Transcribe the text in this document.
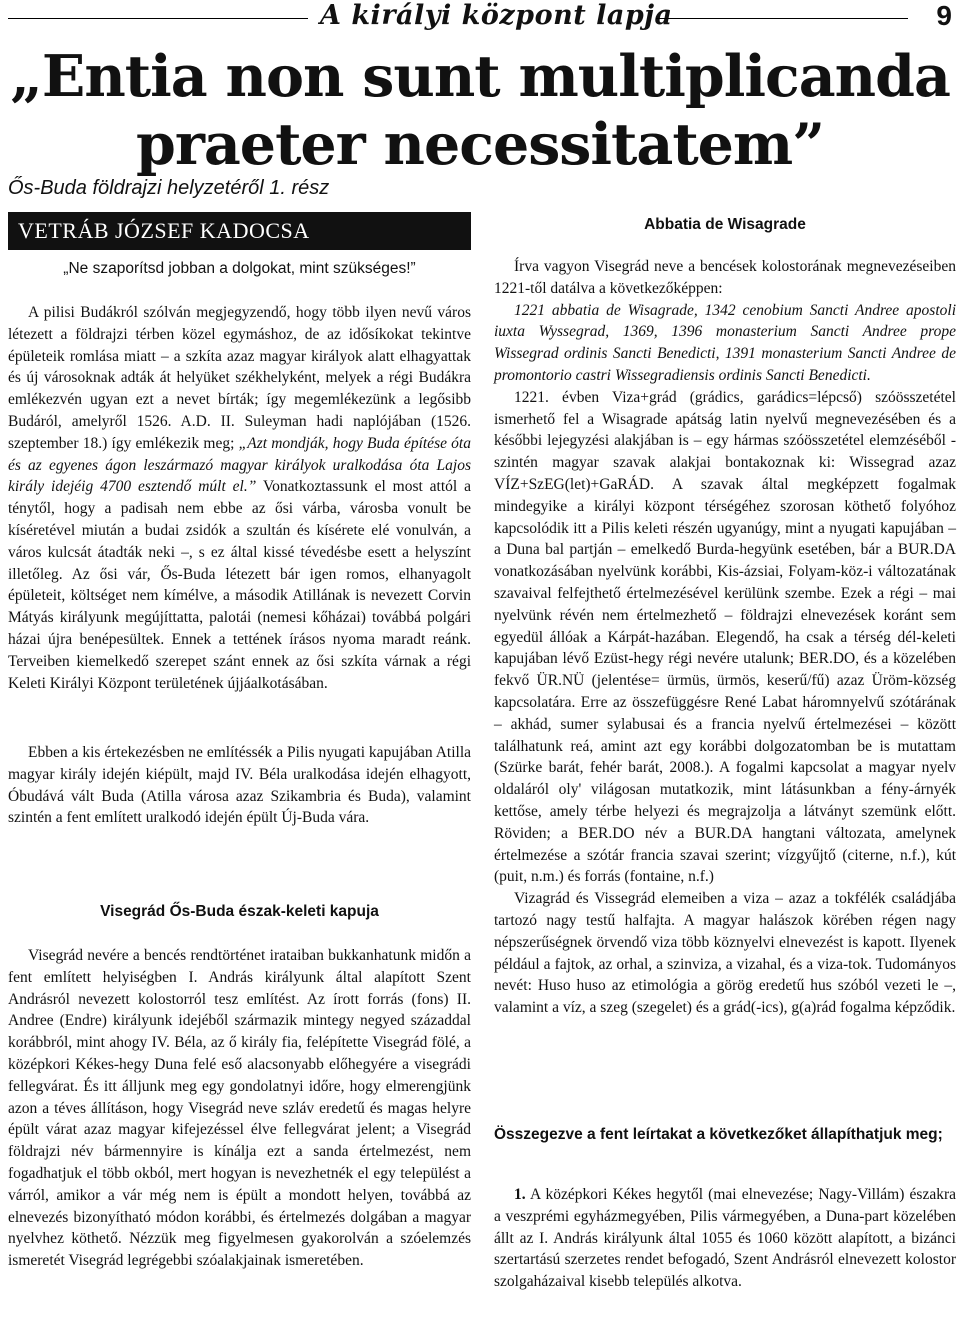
A királyi központ lapja	9
„Entia non sunt multiplicanda
praeter necessitatem”
Ős-Buda földrajzi helyzetéről 1. rész
VETRÁB JÓZSEF KADOCSA
„Ne szaporítsd jobban a dolgokat, mint szükséges!”

A pilisi Budákról szólván megjegyzendő, hogy több ilyen nevű város létezett a földrajzi térben közel egymáshoz, de az idősíkokat tekintve épületeik romlása miatt – a szkíta azaz magyar királyok alatt elhagyattak és új városoknak adták át helyüket székhelyként, melyek a régi Budákra emlékezvén ugyan ezt a nevet bírták; így megemlékezünk a legősibb Budáról, amelyről 1526. A.D. II. Suleyman hadi naplójában (1526. szeptember 18.) így emlékezik meg; „Azt mondják, hogy Buda építése óta és az egyenes ágon leszármazó magyar királyok uralkodása óta Lajos király idejéig 4700 esztendő múlt el.” Vonatkoztassunk el most attól a ténytől, hogy a padisah nem ebbe az ősi várba, városba vonult be kíséretével miután a budai zsidók a szultán és kísérete elé vonulván, a város kulcsát átadták neki –, s ez által kissé tévedésbe esett a helyszínt illetőleg. Az ősi vár, Ős-Buda létezett bár igen romos, elhanyagolt épületeit, költséget nem kímélve, a második Atillának is nevezett Corvin Mátyás királyunk megújíttatta, palotái (nemesi kőházai) továbbá polgári házai újra benépesültek. Ennek a tettének írásos nyoma maradt reánk. Terveiben kiemelkedő szerepet szánt ennek az ősi szkíta várnak a régi Keleti Királyi Központ területének újjáalkotásában.

Ebben a kis értekezésben ne említéssék a Pilis nyugati kapujában Atilla magyar király idején kiépült, majd IV. Béla uralkodása idején elhagyott, Óbudává vált Buda (Atilla városa azaz Szikambria és Buda), valamint szintén a fent említett uralkodó idején épült Új-Buda vára.

Visegrád Ős-Buda észak-keleti kapuja

Visegrád nevére a bencés rendtörténet irataiban bukkanhatunk midőn a fent említett helyiségben I. András királyunk által alapított Szent Andrásról nevezett kolostorról tesz említést. Az írott forrás (fons) II. Andree (Endre) királyunk idejéből származik mintegy negyed századdal korábbról, mint ahogy IV. Béla, az ő király fia, felépítette Visegrád fölé, a középkori Kékes-hegy Duna felé eső alacsonyabb előhegyére a visegrádi fellegvárat. És itt álljunk meg egy gondolatnyi időre, hogy elmerengjünk azon a téves állításon, hogy Visegrád neve szláv eredetű és magas helyre épült várat azaz magyar kifejezéssel élve fellegvárat jelent; a Visegrád földrajzi név bármennyire is kínálja ezt a sanda értelmezést, nem fogadhatjuk el több okból, mert hogyan is nevezhetnék el egy települést a várról, amikor a vár még nem is épült a mondott helyen, továbbá az elnevezés bizonyítható módon korábbi, és értelmezés dolgában a magyar nyelvhez köthető. Nézzük meg figyelmesen gyakorolván a szóelemzés ismeretét Visegrád legrégebbi szóalakjainak ismeretében.

Abbatia de Wisagrade

Írva vagyon Visegrád neve a bencések kolostorának megnevezéseiben 1221-től datálva a következőképpen:

1221 abbatia de Wisagrade, 1342 cenobium Sancti Andree apostoli iuxta Wyssegrad, 1369, 1396 monasterium Sancti Andree prope Wissegrad ordinis Sancti Benedicti, 1391 monasterium Sancti Andree de promontorio castri Wissegradiensis ordinis Sancti Benedicti.

1221. évben Viza+grád (grádics, garádics=lépcső) szóösszetétel ismerhető fel a Wisagrade apátság latin nyelvű megnevezésében és a későbbi lejegyzési alakjában is – egy hármas szóösszetétel elemzéséből - szintén magyar szavak alakjai bontakoznak ki: Wissegrad azaz VÍZ+SzEG(let)+GaRÁD. A szavak által megképzett fogalmak mindegyike a királyi központ térségéhez szorosan köthető folyóhoz kapcsolódik itt a Pilis keleti részén ugyanúgy, mint a nyugati kapujában – a Duna bal partján – emelkedő Burda-hegyünk esetében, bár a BUR.DA vonatkozásában nyelvünk korábbi, Kis-ázsiai, Folyam-köz-i változatának szavaival felfejthető értelmezésével kerülünk szembe. Ezek a régi – mai nyelvünk révén nem értelmezhető – földrajzi elnevezések koránt sem egyedül állóak a Kárpát-hazában. Elegendő, ha csak a térség dél-keleti kapujában lévő Ezüst-hegy régi nevére utalunk; BER.DO, és a közelében fekvő ÜR.NÜ (jelentése= ürmüs, ürmös, keserű/fű) azaz Üröm-község kapcsolatára. Erre az összefüggésre René Labat háromnyelvű szótárának – akhád, sumer sylabusai és a francia nyelvű értelmezései – között találhatunk reá, amint azt egy korábbi dolgozatomban be is mutattam (Szürke barát, fehér barát, 2008.). A fogalmi kapcsolat a magyar nyelv oldaláról oly' világosan mutatkozik, mint látásunkban a fény-árnyék kettőse, amely térbe helyezi és megrajzolja a látványt szemünk előtt. Röviden; a BER.DO név a BUR.DA hangtani változata, amelynek értelmezése a szótár francia szavai szerint; vízgyűjtő (citerne, n.f.), kút (puit, n.m.) és forrás (fontaine, n.f.)

Vizagrád és Vissegrád elemeiben a viza – azaz a tokfélék családjába tartozó nagy testű halfajta. A magyar halászok körében régen nagy népszerűségnek örvendő viza több köznyelvi elnevezést is kapott. Ilyenek például a fajtok, az orhal, a szinviza, a vizahal, és a viza-tok. Tudományos nevét: Huso huso az etimológia a görög eredetű hus szóból vezeti le –, valamint a víz, a szeg (szegelet) és a grád(-ics), g(a)rád fogalma képződik.

Összegezve a fent leírtakat a következőket állapíthatjuk meg;

1. A középkori Kékes hegytől (mai elnevezése; Nagy-Villám) északra a veszprémi egyházmegyében, Pilis vármegyében, a Duna-part közelében állt az I. András királyunk által 1055 és 1060 között alapított, a bizánci szertartású szerzetes rendet befogadó, Szent Andrásról elnevezett kolostor szolgaházaival kisebb település alkotva.
